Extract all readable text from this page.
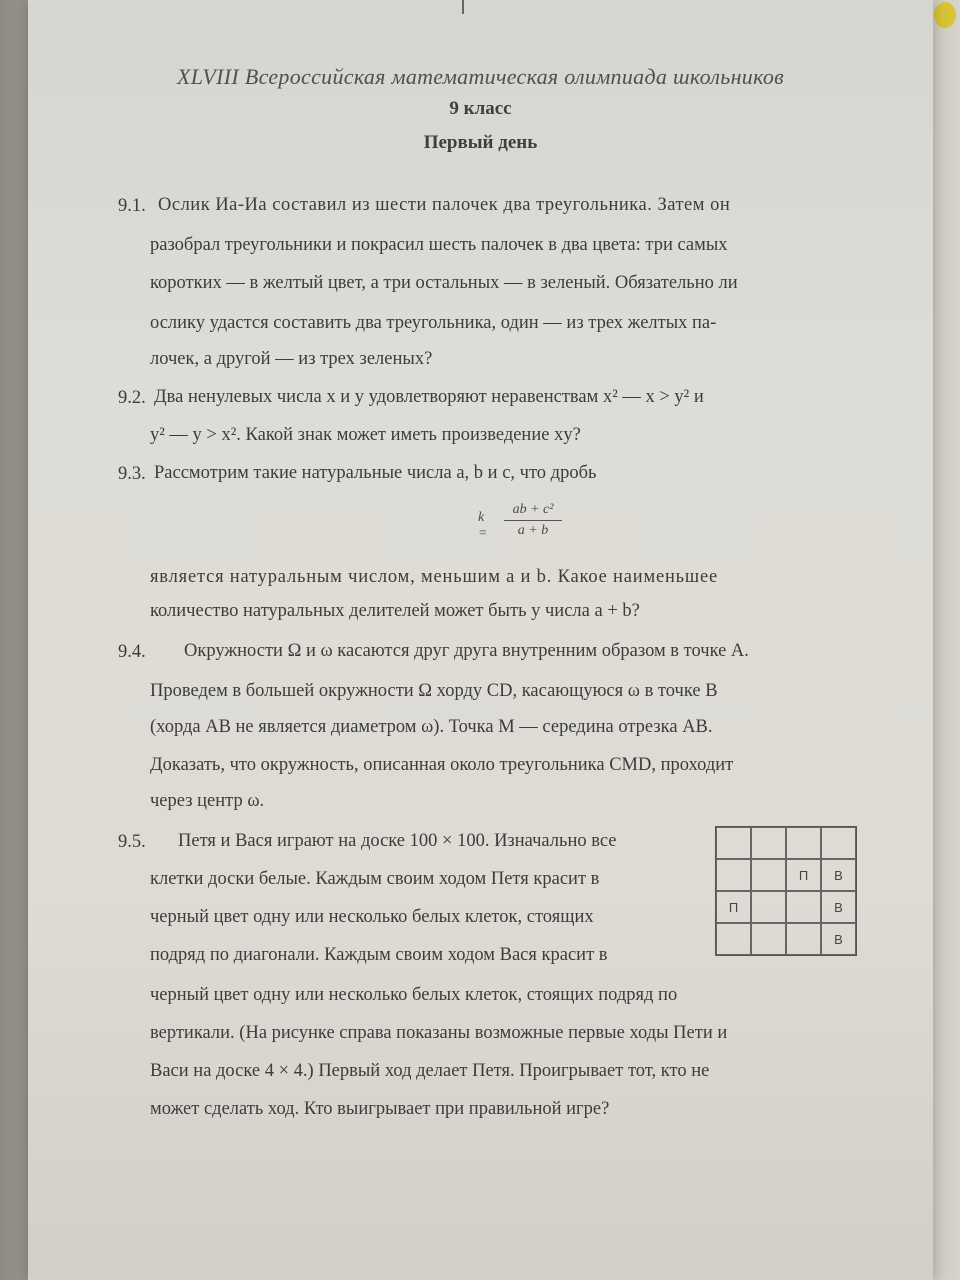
XLVIII Всероссийская математическая олимпиада школьников
9 класс
Первый день
9.1. Ослик Иа-Иа составил из шести палочек два треугольника. Затем он
разобрал треугольники и покрасил шесть палочек в два цвета: три самых
коротких — в желтый цвет, а три остальных — в зеленый. Обязательно ли
ослику удастся составить два треугольника, один — из трех желтых па-
лочек, а другой — из трех зеленых?
9.2. Два ненулевых числа x и y удовлетворяют неравенствам x² — x > y² и
y² — y > x². Какой знак может иметь произведение xy?
9.3. Рассмотрим такие натуральные числа a, b и c, что дробь
k =
ab + c²
a + b
является натуральным числом, меньшим a и b. Какое наименьшее
количество натуральных делителей может быть у числа a + b?
9.4. Окружности Ω и ω касаются друг друга внутренним образом в точке A.
Проведем в большей окружности Ω хорду CD, касающуюся ω в точке B
(хорда AB не является диаметром ω). Точка M — середина отрезка AB.
Доказать, что окружность, описанная около треугольника CMD, проходит
через центр ω.
9.5. Петя и Вася играют на доске 100 × 100. Изначально все
клетки доски белые. Каждым своим ходом Петя красит в
черный цвет одну или несколько белых клеток, стоящих
подряд по диагонали. Каждым своим ходом Вася красит в
черный цвет одну или несколько белых клеток, стоящих подряд по
вертикали. (На рисунке справа показаны возможные первые ходы Пети и
Васи на доске 4 × 4.) Первый ход делает Петя. Проигрывает тот, кто не
может сделать ход. Кто выигрывает при правильной игре?
П	В
П	В
В
